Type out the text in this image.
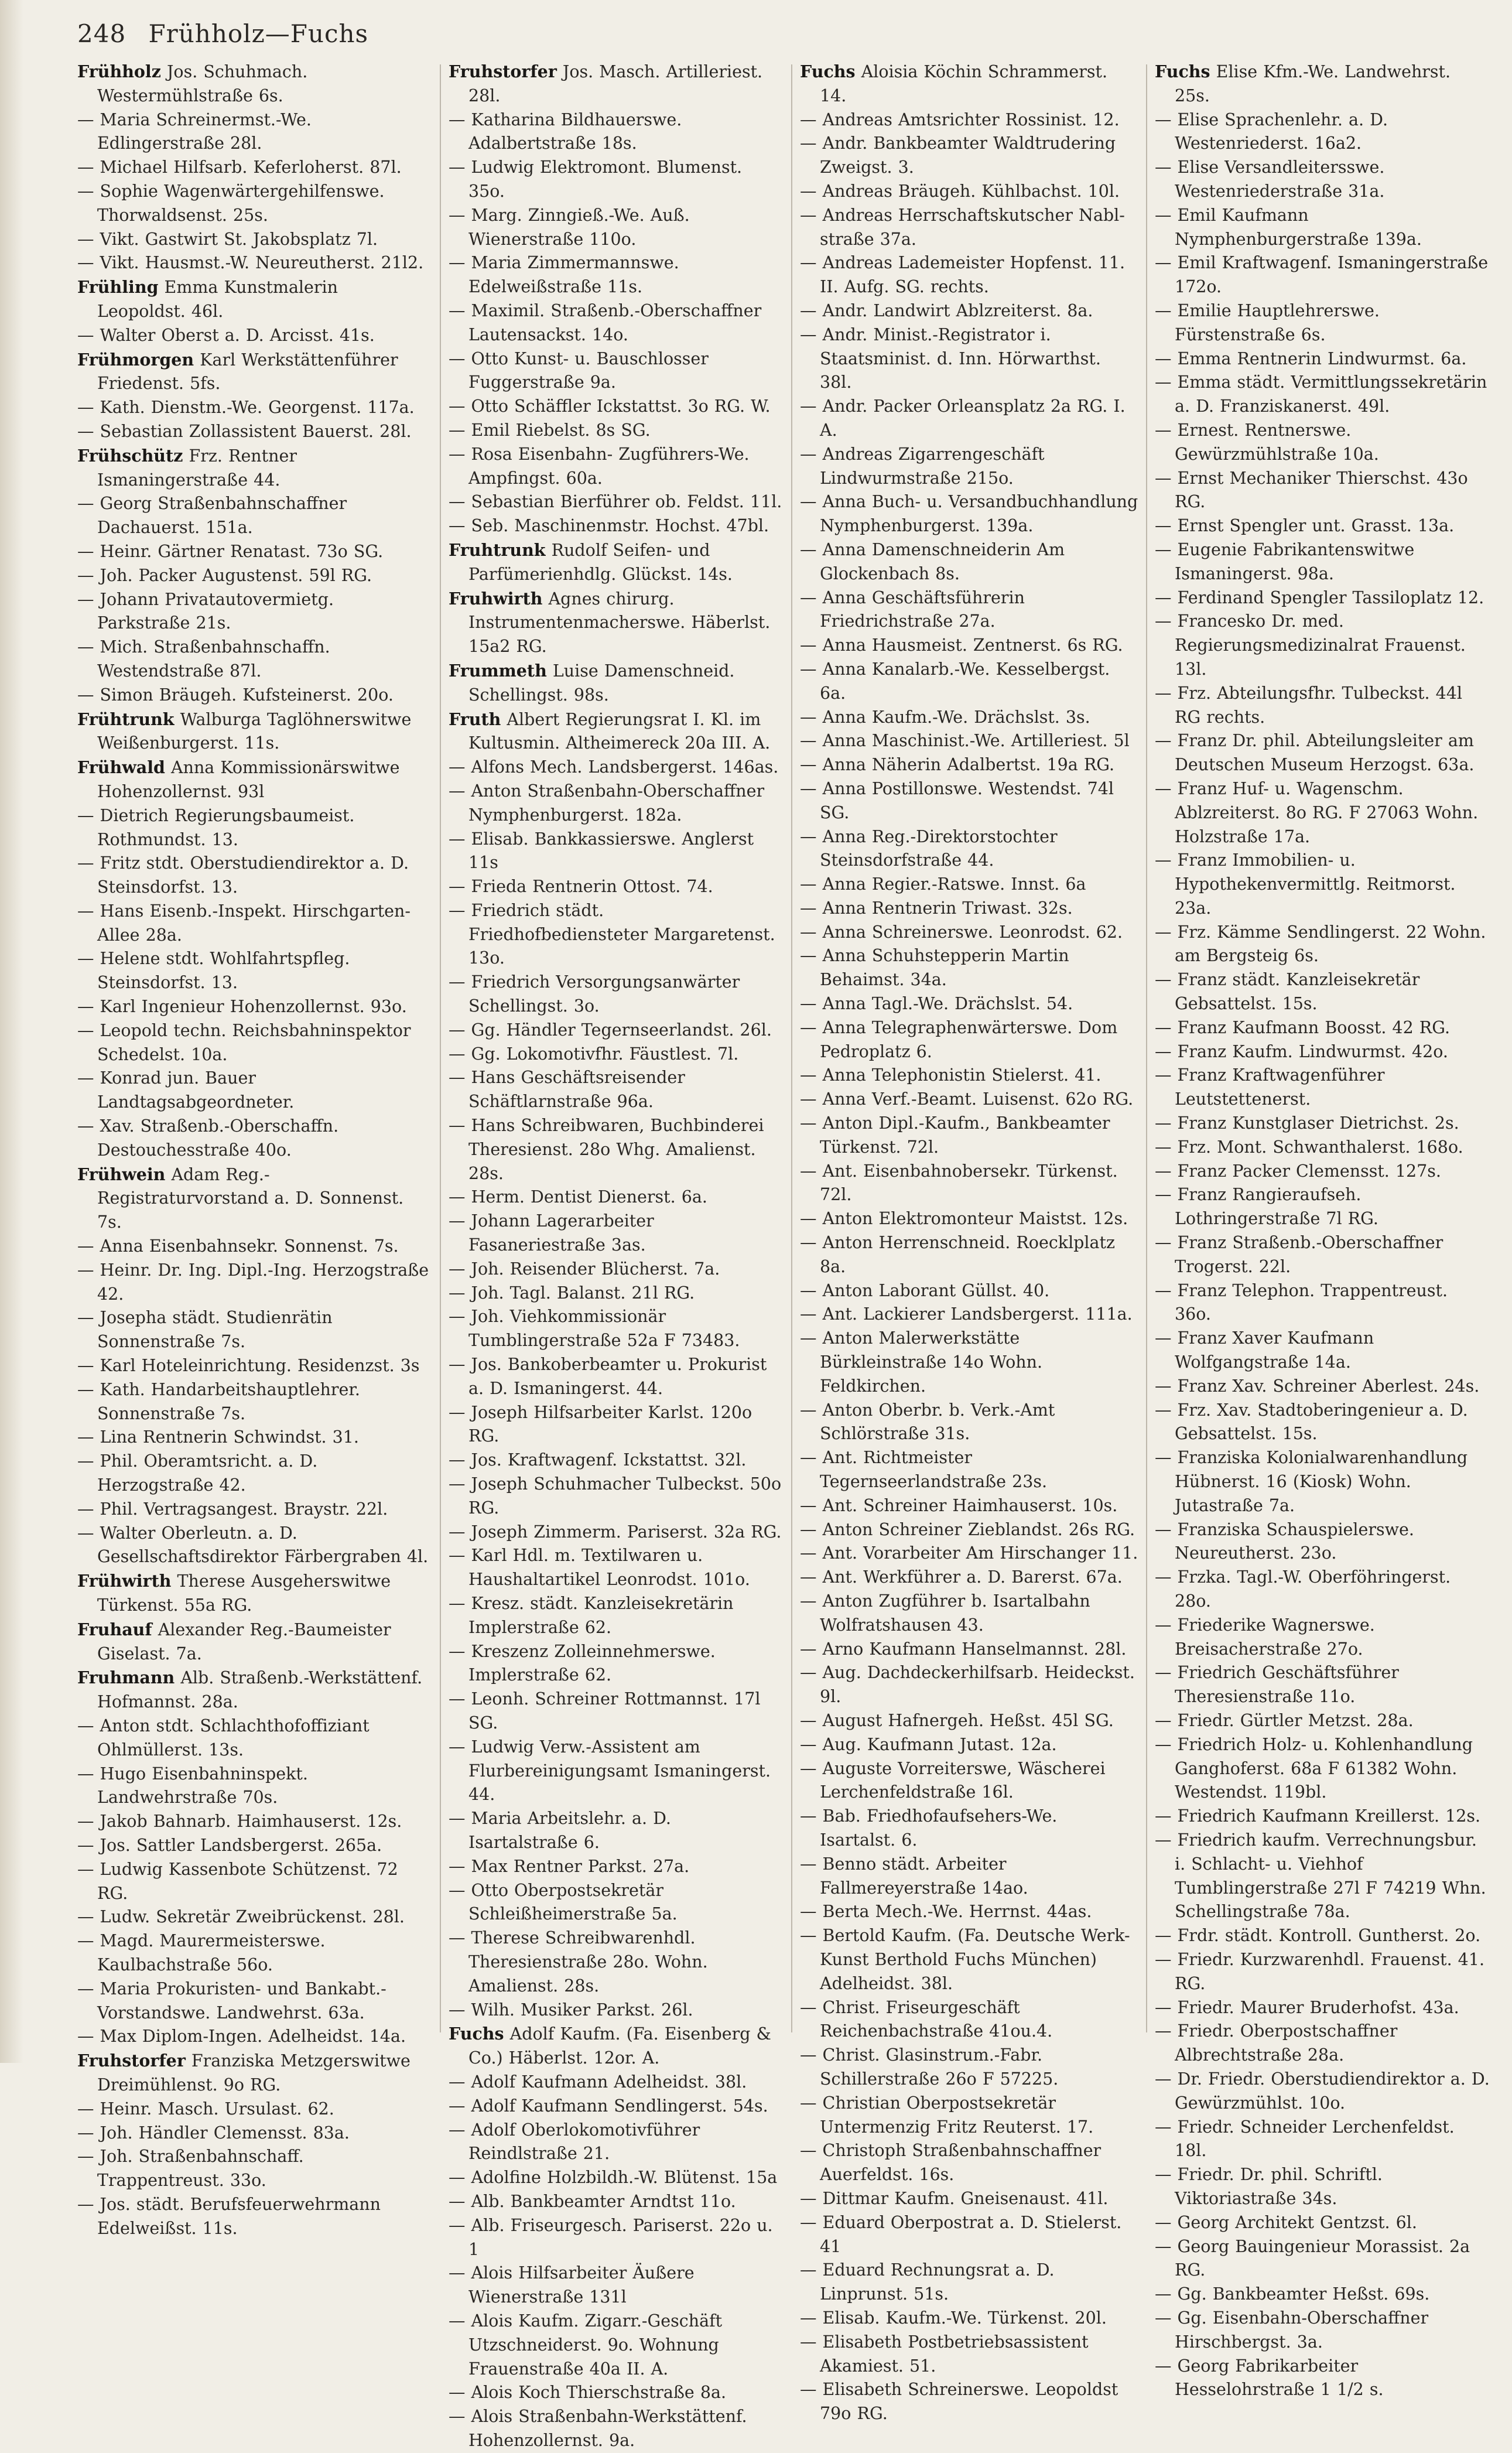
248 Frühholz—Fuchs
Frühholz Jos. Schuhmach. Westermühlstraße 6s.
— Maria Schreinermst.-We. Edlingerstraße 28l.
— Michael Hilfsarb. Keferloherst. 87l.
— Sophie Wagenwärtergehilfenswe. Thorwaldsenst. 25s.
— Vikt. Gastwirt St. Jakobsplatz 7l.
— Vikt. Hausmst.-W. Neureutherst. 21l2.
Frühling Emma Kunstmalerin Leopoldst. 46l.
— Walter Oberst a. D. Arcisst. 41s.
Frühmorgen Karl Werkstättenführer Friedenst. 5fs.
— Kath. Dienstm.-We. Georgenst. 117a.
— Sebastian Zollassistent Bauerst. 28l.
Frühschütz Frz. Rentner Ismaningerstraße 44.
— Georg Straßenbahnschaffner Dachauerst. 151a.
— Heinr. Gärtner Renatast. 73o SG.
— Joh. Packer Augustenst. 59l RG.
— Johann Privatautovermietg. Parkstraße 21s.
— Mich. Straßenbahnschaffn. Westendstraße 87l.
— Simon Bräugeh. Kufsteinerst. 20o.
Frühtrunk Walburga Taglöhnerswitwe Weißenburgerst. 11s.
Frühwald Anna Kommissionärswitwe Hohenzollernst. 93l
— Dietrich Regierungsbaumeist. Rothmundst. 13.
— Fritz stdt. Oberstudiendirektor a. D. Steinsdorfst. 13.
— Hans Eisenb.-Inspekt. Hirschgarten-Allee 28a.
— Helene stdt. Wohlfahrtspfleg. Steinsdorfst. 13.
— Karl Ingenieur Hohenzollernst. 93o.
— Leopold techn. Reichsbahninspektor Schedelst. 10a.
— Konrad jun. Bauer Landtagsabgeordneter.
— Xav. Straßenb.-Oberschaffn. Destouchesstraße 40o.
Frühwein Adam Reg.-Registraturvorstand a. D. Sonnenst. 7s.
— Anna Eisenbahnsekr. Sonnenst. 7s.
— Heinr. Dr. Ing. Dipl.-Ing. Herzogstraße 42.
— Josepha städt. Studienrätin Sonnenstraße 7s.
— Karl Hoteleinrichtung. Residenzst. 3s
— Kath. Handarbeitshauptlehrer. Sonnenstraße 7s.
— Lina Rentnerin Schwindst. 31.
— Phil. Oberamtsricht. a. D. Herzogstraße 42.
— Phil. Vertragsangest. Braystr. 22l.
— Walter Oberleutn. a. D. Gesellschaftsdirektor Färbergraben 4l.
Frühwirth Therese Ausgeherswitwe Türkenst. 55a RG.
Fruhauf Alexander Reg.-Baumeister Giselast. 7a.
Fruhmann Alb. Straßenb.-Werkstättenf. Hofmannst. 28a.
— Anton stdt. Schlachthofoffiziant Ohlmüllerst. 13s.
— Hugo Eisenbahninspekt. Landwehrstraße 70s.
— Jakob Bahnarb. Haimhauserst. 12s.
— Jos. Sattler Landsbergerst. 265a.
— Ludwig Kassenbote Schützenst. 72 RG.
— Ludw. Sekretär Zweibrückenst. 28l.
— Magd. Maurermeisterswe. Kaulbachstraße 56o.
— Maria Prokuristen- und Bankabt.-Vorstandswe. Landwehrst. 63a.
— Max Diplom-Ingen. Adelheidst. 14a.
Fruhstorfer Franziska Metzgerswitwe Dreimühlenst. 9o RG.
— Heinr. Masch. Ursulast. 62.
— Joh. Händler Clemensst. 83a.
— Joh. Straßenbahnschaff. Trappentreust. 33o.
— Jos. städt. Berufsfeuerwehrmann Edelweißst. 11s.
Fruhstorfer Jos. Masch. Artilleriest. 28l.
— Katharina Bildhauerswe. Adalbertstraße 18s.
— Ludwig Elektromont. Blumenst. 35o.
— Marg. Zinngieß.-We. Auß. Wienerstraße 110o.
— Maria Zimmermannswe. Edelweißstraße 11s.
— Maximil. Straßenb.-Oberschaffner Lautensackst. 14o.
— Otto Kunst- u. Bauschlosser Fuggerstraße 9a.
— Otto Schäffler Ickstattst. 3o RG. W.
— Emil Riebelst. 8s SG.
— Rosa Eisenbahn- Zugführers-We. Ampfingst. 60a.
— Sebastian Bierführer ob. Feldst. 11l.
— Seb. Maschinenmstr. Hochst. 47bl.
Fruhtrunk Rudolf Seifen- und Parfümerienhdlg. Glückst. 14s.
Fruhwirth Agnes chirurg. Instrumentenmacherswe. Häberlst. 15a2 RG.
Frummeth Luise Damenschneid. Schellingst. 98s.
Fruth Albert Regierungsrat I. Kl. im Kultusmin. Altheimereck 20a III. A.
— Alfons Mech. Landsbergerst. 146as.
— Anton Straßenbahn-Oberschaffner Nymphenburgerst. 182a.
— Elisab. Bankkassierswe. Anglerst 11s
— Frieda Rentnerin Ottost. 74.
— Friedrich städt. Friedhofbediensteter Margaretenst. 13o.
— Friedrich Versorgungsanwärter Schellingst. 3o.
— Gg. Händler Tegernseerlandst. 26l.
— Gg. Lokomotivfhr. Fäustlest. 7l.
— Hans Geschäftsreisender Schäftlarnstraße 96a.
— Hans Schreibwaren, Buchbinderei Theresienst. 28o Whg. Amalienst. 28s.
— Herm. Dentist Dienerst. 6a.
— Johann Lagerarbeiter Fasaneriestraße 3as.
— Joh. Reisender Blücherst. 7a.
— Joh. Tagl. Balanst. 21l RG.
— Joh. Viehkommissionär Tumblingerstraße 52a F 73483.
— Jos. Bankoberbeamter u. Prokurist a. D. Ismaningerst. 44.
— Joseph Hilfsarbeiter Karlst. 120o RG.
— Jos. Kraftwagenf. Ickstattst. 32l.
— Joseph Schuhmacher Tulbeckst. 50o RG.
— Joseph Zimmerm. Pariserst. 32a RG.
— Karl Hdl. m. Textilwaren u. Haushaltartikel Leonrodst. 101o.
— Kresz. städt. Kanzleisekretärin Implerstraße 62.
— Kreszenz Zolleinnehmerswe. Implerstraße 62.
— Leonh. Schreiner Rottmannst. 17l SG.
— Ludwig Verw.-Assistent am Flurbereinigungsamt Ismaningerst. 44.
— Maria Arbeitslehr. a. D. Isartalstraße 6.
— Max Rentner Parkst. 27a.
— Otto Oberpostsekretär Schleißheimerstraße 5a.
— Therese Schreibwarenhdl. Theresienstraße 28o. Wohn. Amalienst. 28s.
— Wilh. Musiker Parkst. 26l.
Fuchs Adolf Kaufm. (Fa. Eisenberg & Co.) Häberlst. 12or. A.
— Adolf Kaufmann Adelheidst. 38l.
— Adolf Kaufmann Sendlingerst. 54s.
— Adolf Oberlokomotivführer Reindlstraße 21.
— Adolfine Holzbildh.-W. Blütenst. 15a
— Alb. Bankbeamter Arndtst 11o.
— Alb. Friseurgesch. Pariserst. 22o u. 1
— Alois Hilfsarbeiter Äußere Wienerstraße 131l
— Alois Kaufm. Zigarr.-Geschäft Utzschneiderst. 9o. Wohnung Frauenstraße 40a II. A.
— Alois Koch Thierschstraße 8a.
— Alois Straßenbahn-Werkstättenf. Hohenzollernst. 9a.
Fuchs Aloisia Köchin Schrammerst. 14.
— Andreas Amtsrichter Rossinist. 12.
— Andr. Bankbeamter Waldtrudering Zweigst. 3.
— Andreas Bräugeh. Kühlbachst. 10l.
— Andreas Herrschaftskutscher Nabl-straße 37a.
— Andreas Lademeister Hopfenst. 11. II. Aufg. SG. rechts.
— Andr. Landwirt Ablzreiterst. 8a.
— Andr. Minist.-Registrator i. Staatsminist. d. Inn. Hörwarthst. 38l.
— Andr. Packer Orleansplatz 2a RG. I. A.
— Andreas Zigarrengeschäft Lindwurmstraße 215o.
— Anna Buch- u. Versandbuchhandlung Nymphenburgerst. 139a.
— Anna Damenschneiderin Am Glockenbach 8s.
— Anna Geschäftsführerin Friedrichstraße 27a.
— Anna Hausmeist. Zentnerst. 6s RG.
— Anna Kanalarb.-We. Kesselbergst. 6a.
— Anna Kaufm.-We. Drächslst. 3s.
— Anna Maschinist.-We. Artilleriest. 5l
— Anna Näherin Adalbertst. 19a RG.
— Anna Postillonswe. Westendst. 74l SG.
— Anna Reg.-Direktorstochter Steinsdorfstraße 44.
— Anna Regier.-Ratswe. Innst. 6a
— Anna Rentnerin Triwast. 32s.
— Anna Schreinerswe. Leonrodst. 62.
— Anna Schuhstepperin Martin Behaimst. 34a.
— Anna Tagl.-We. Drächslst. 54.
— Anna Telegraphenwärterswe. Dom Pedroplatz 6.
— Anna Telephonistin Stielerst. 41.
— Anna Verf.-Beamt. Luisenst. 62o RG.
— Anton Dipl.-Kaufm., Bankbeamter Türkenst. 72l.
— Ant. Eisenbahnobersekr. Türkenst. 72l.
— Anton Elektromonteur Maistst. 12s.
— Anton Herrenschneid. Roecklplatz 8a.
— Anton Laborant Güllst. 40.
— Ant. Lackierer Landsbergerst. 111a.
— Anton Malerwerkstätte Bürkleinstraße 14o Wohn. Feldkirchen.
— Anton Oberbr. b. Verk.-Amt Schlörstraße 31s.
— Ant. Richtmeister Tegernseerlandstraße 23s.
— Ant. Schreiner Haimhauserst. 10s.
— Anton Schreiner Zieblandst. 26s RG.
— Ant. Vorarbeiter Am Hirschanger 11.
— Ant. Werkführer a. D. Barerst. 67a.
— Anton Zugführer b. Isartalbahn Wolfratshausen 43.
— Arno Kaufmann Hanselmannst. 28l.
— Aug. Dachdeckerhilfsarb. Heideckst. 9l.
— August Hafnergeh. Heßst. 45l SG.
— Aug. Kaufmann Jutast. 12a.
— Auguste Vorreiterswe, Wäscherei Lerchenfeldstraße 16l.
— Bab. Friedhofaufsehers-We. Isartalst. 6.
— Benno städt. Arbeiter Fallmereyerstraße 14ao.
— Berta Mech.-We. Herrnst. 44as.
— Bertold Kaufm. (Fa. Deutsche Werk-Kunst Berthold Fuchs München) Adelheidst. 38l.
— Christ. Friseurgeschäft Reichenbachstraße 41ou.4.
— Christ. Glasinstrum.-Fabr. Schillerstraße 26o F 57225.
— Christian Oberpostsekretär Untermenzig Fritz Reuterst. 17.
— Christoph Straßenbahnschaffner Auerfeldst. 16s.
— Dittmar Kaufm. Gneisenaust. 41l.
— Eduard Oberpostrat a. D. Stielerst. 41
— Eduard Rechnungsrat a. D. Linprunst. 51s.
— Elisab. Kaufm.-We. Türkenst. 20l.
— Elisabeth Postbetriebsassistent Akamiest. 51.
— Elisabeth Schreinerswe. Leopoldst 79o RG.
Fuchs Elise Kfm.-We. Landwehrst. 25s.
— Elise Sprachenlehr. a. D. Westenriederst. 16a2.
— Elise Versandleitersswe. Westenriederstraße 31a.
— Emil Kaufmann Nymphenburgerstraße 139a.
— Emil Kraftwagenf. Ismaningerstraße 172o.
— Emilie Hauptlehrerswe. Fürstenstraße 6s.
— Emma Rentnerin Lindwurmst. 6a.
— Emma städt. Vermittlungssekretärin a. D. Franziskanerst. 49l.
— Ernest. Rentnerswe. Gewürzmühlstraße 10a.
— Ernst Mechaniker Thierschst. 43o RG.
— Ernst Spengler unt. Grasst. 13a.
— Eugenie Fabrikantenswitwe Ismaningerst. 98a.
— Ferdinand Spengler Tassiloplatz 12.
— Francesko Dr. med. Regierungsmedizinalrat Frauenst. 13l.
— Frz. Abteilungsfhr. Tulbeckst. 44l RG rechts.
— Franz Dr. phil. Abteilungsleiter am Deutschen Museum Herzogst. 63a.
— Franz Huf- u. Wagenschm. Ablzreiterst. 8o RG. F 27063 Wohn. Holzstraße 17a.
— Franz Immobilien- u. Hypothekenvermittlg. Reitmorst. 23a.
— Frz. Kämme Sendlingerst. 22 Wohn. am Bergsteig 6s.
— Franz städt. Kanzleisekretär Gebsattelst. 15s.
— Franz Kaufmann Boosst. 42 RG.
— Franz Kaufm. Lindwurmst. 42o.
— Franz Kraftwagenführer Leutstettenerst.
— Franz Kunstglaser Dietrichst. 2s.
— Frz. Mont. Schwanthalerst. 168o.
— Franz Packer Clemensst. 127s.
— Franz Rangieraufseh. Lothringerstraße 7l RG.
— Franz Straßenb.-Oberschaffner Trogerst. 22l.
— Franz Telephon. Trappentreust. 36o.
— Franz Xaver Kaufmann Wolfgangstraße 14a.
— Franz Xav. Schreiner Aberlest. 24s.
— Frz. Xav. Stadtoberingenieur a. D. Gebsattelst. 15s.
— Franziska Kolonialwarenhandlung Hübnerst. 16 (Kiosk) Wohn. Jutastraße 7a.
— Franziska Schauspielerswe. Neureutherst. 23o.
— Frzka. Tagl.-W. Oberföhringerst. 28o.
— Friederike Wagnerswe. Breisacherstraße 27o.
— Friedrich Geschäftsführer Theresienstraße 11o.
— Friedr. Gürtler Metzst. 28a.
— Friedrich Holz- u. Kohlenhandlung Ganghoferst. 68a F 61382 Wohn. Westendst. 119bl.
— Friedrich Kaufmann Kreillerst. 12s.
— Friedrich kaufm. Verrechnungsbur. i. Schlacht- u. Viehhof Tumblingerstraße 27l F 74219 Whn. Schellingstraße 78a.
— Frdr. städt. Kontroll. Guntherst. 2o.
— Friedr. Kurzwarenhdl. Frauenst. 41. RG.
— Friedr. Maurer Bruderhofst. 43a.
— Friedr. Oberpostschaffner Albrechtstraße 28a.
— Dr. Friedr. Oberstudiendirektor a. D. Gewürzmühlst. 10o.
— Friedr. Schneider Lerchenfeldst. 18l.
— Friedr. Dr. phil. Schriftl. Viktoriastraße 34s.
— Georg Architekt Gentzst. 6l.
— Georg Bauingenieur Morassist. 2a RG.
— Gg. Bankbeamter Heßst. 69s.
— Gg. Eisenbahn-Oberschaffner Hirschbergst. 3a.
— Georg Fabrikarbeiter Hesselohrstraße 1 1/2 s.
